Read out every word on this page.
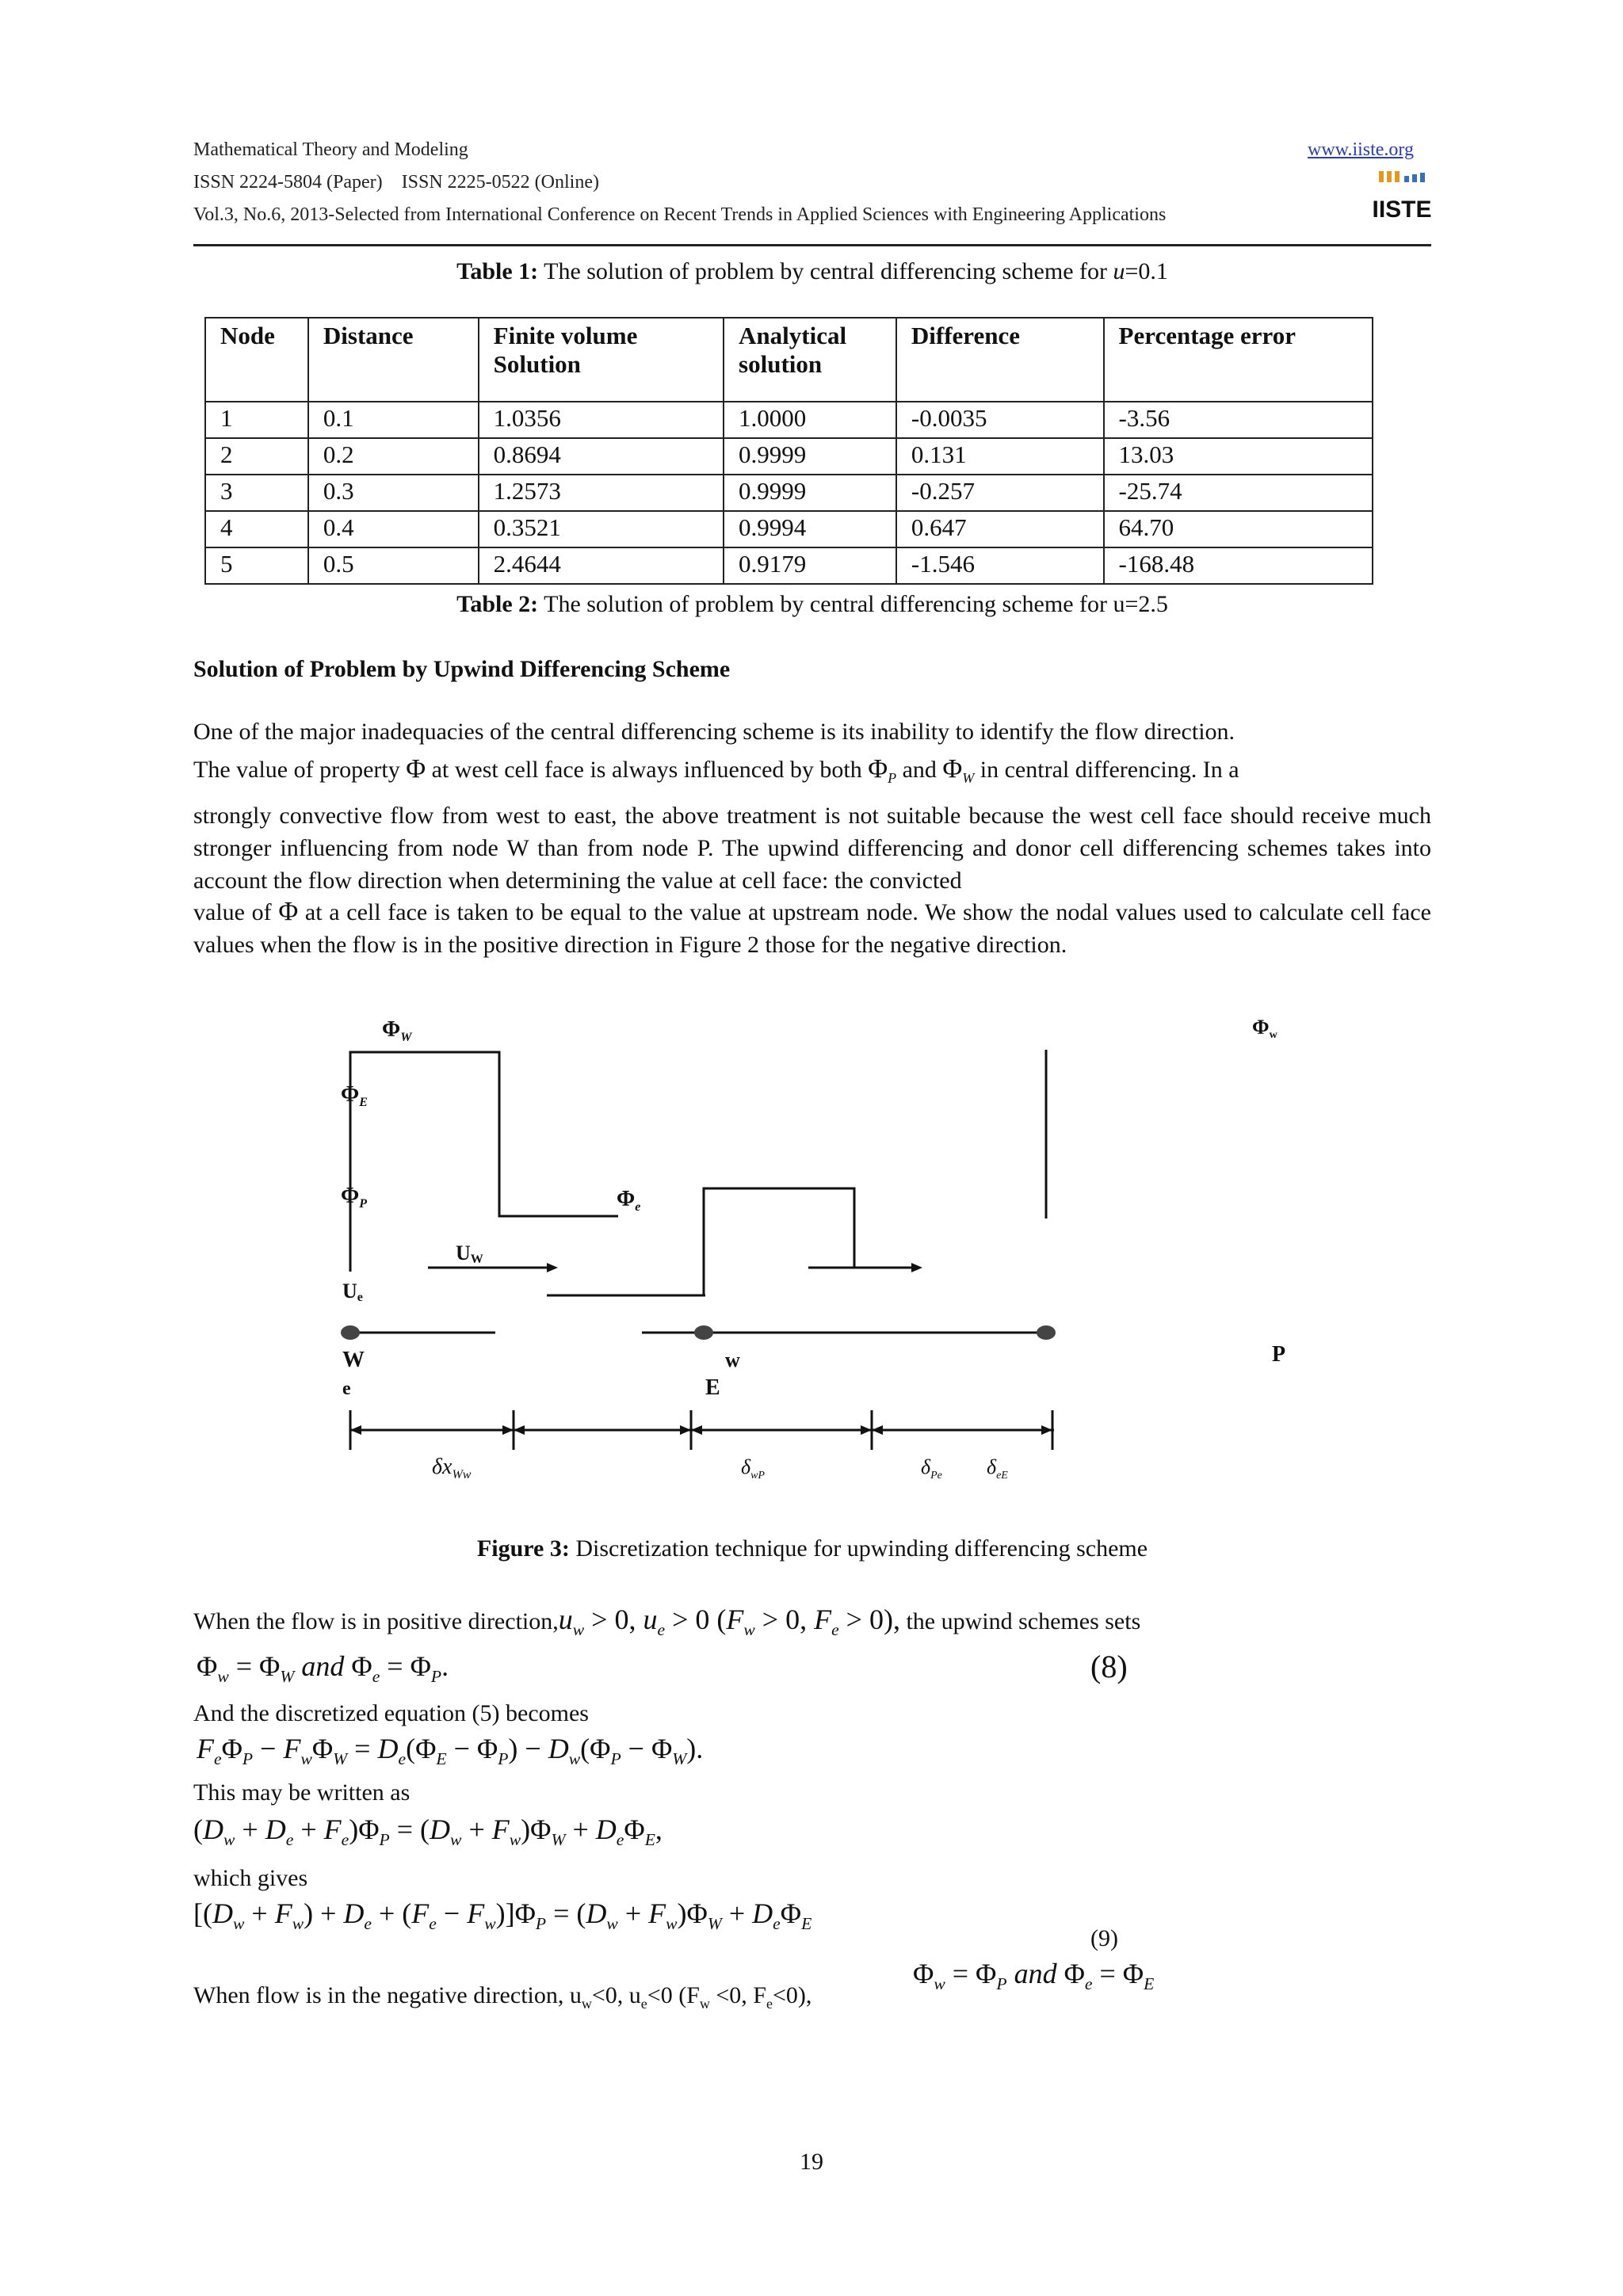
Mathematical Theory and Modeling	www.iiste.org
ISSN 2224-5804 (Paper)    ISSN 2225-0522 (Online)
Vol.3, No.6, 2013-Selected from International Conference on Recent Trends in Applied Sciences with Engineering Applications	IISTE
Table 1: The solution of problem by central differencing scheme for u=0.1
Node	Distance	Finite volume Solution	Analytical solution	Difference	Percentage error
1	0.1	1.0356	1.0000	-0.0035	-3.56
2	0.2	0.8694	0.9999	0.131	13.03
3	0.3	1.2573	0.9999	-0.257	-25.74
4	0.4	0.3521	0.9994	0.647	64.70
5	0.5	2.4644	0.9179	-1.546	-168.48
Table 2: The solution of problem by central differencing scheme for u=2.5
Solution of Problem by Upwind Differencing Scheme
One of the major inadequacies of the central differencing scheme is its inability to identify the flow direction.
The value of property Φ at west cell face is always influenced by both $\Phi_P$ and $\Phi_W$ in central differencing. In a
strongly convective flow from west to east, the above treatment is not suitable because the west cell face should receive much stronger influencing from node W than from node P. The upwind differencing and donor cell differencing schemes takes into account the flow direction when determining the value at cell face: the convicted
value of Φ at a cell face is taken to be equal to the value at upstream node. We show the nodal values used to calculate cell face values when the flow is in the positive direction in Figure 2 those for the negative direction.
$\Phi_W$
$\Phi_E$
$\Phi_P$	$\Phi_e$
UW
Ue
W
e
w
E
P
Φw
$\delta x_{Ww}$	$\delta_{wP}$	$\delta_{Pe}$ $\delta_{eE}$
Figure 3: Discretization technique for upwinding differencing scheme
When the flow is in positive $direction,u_w > 0$, $u_e > 0$ ($F_w > 0$, $F_e > 0$), the upwind schemes sets
$\Phi_w = \Phi_W$ and $\Phi_e = \Phi_P$.	(8)
And the discretized equation (5) becomes
$F_e\Phi_P - F_w\Phi_W = D_e(\Phi_E - \Phi_P) - D_w(\Phi_P - \Phi_W)$.
This may be written as
$(D_w + D_e + F_e)\Phi_P = (D_w + F_w)\Phi_W + D_e\Phi_E$,
which gives
$[(D_w + F_w) + D_e + (F_e - F_w)]\Phi_P = (D_w + F_w)\Phi_W + D_e\Phi_E$
(9)
When flow is in the negative direction, $u_w<0$, $u_e<0$ ($F_w <0$, $F_e<0$),
$\Phi_w = \Phi_P$ and $\Phi_e = \Phi_E$
19
